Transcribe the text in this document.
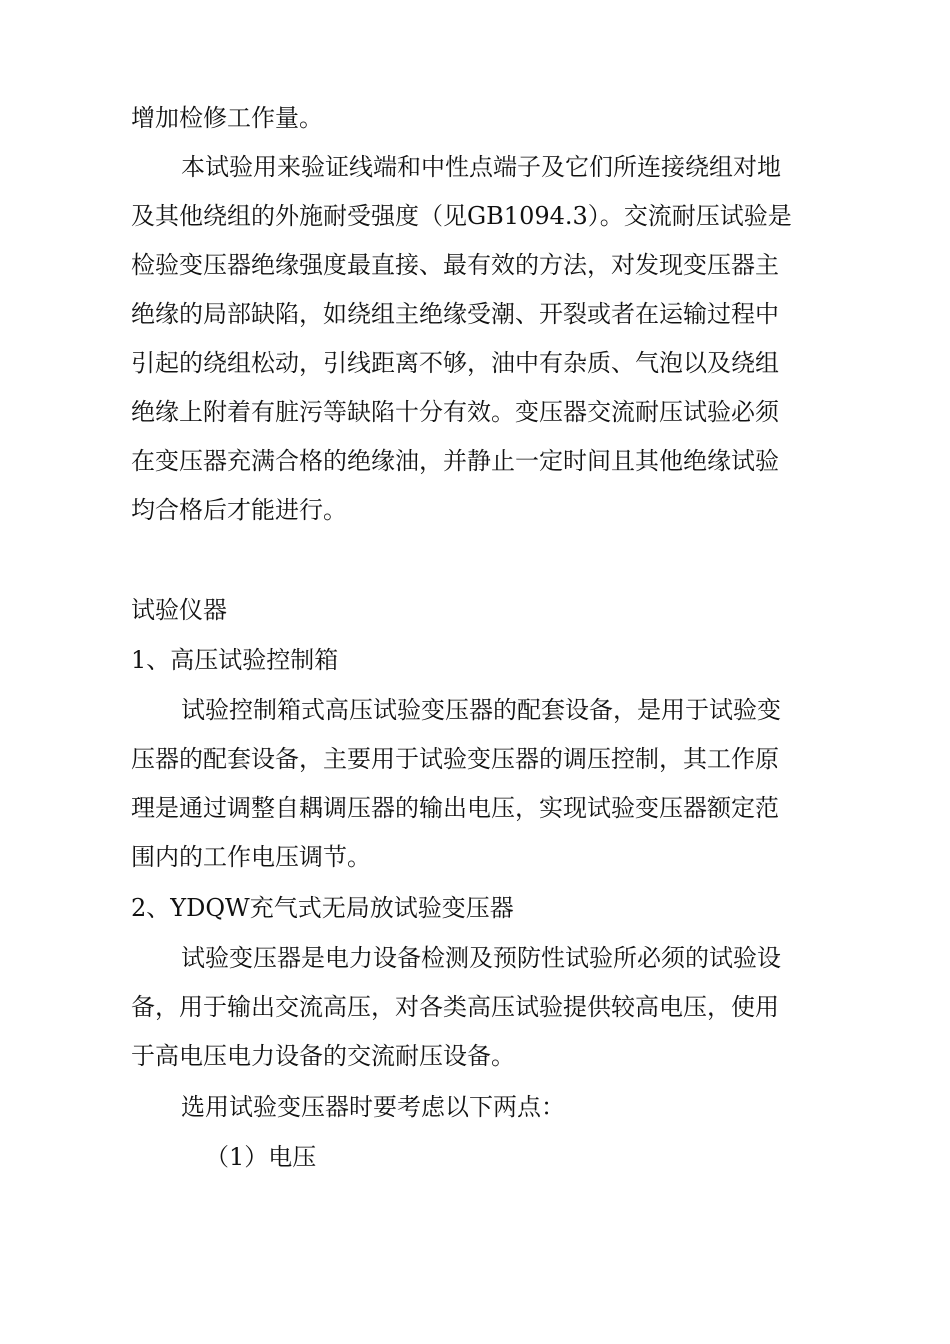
增加检修工作量。
本试验用来验证线端和中性点端子及它们所连接绕组对地
及其他绕组的外施耐受强度（见GB1094.3）。交流耐压试验是
检验变压器绝缘强度最直接、最有效的方法，对发现变压器主
绝缘的局部缺陷，如绕组主绝缘受潮、开裂或者在运输过程中
引起的绕组松动，引线距离不够，油中有杂质、气泡以及绕组
绝缘上附着有脏污等缺陷十分有效。变压器交流耐压试验必须
在变压器充满合格的绝缘油，并静止一定时间且其他绝缘试验
均合格后才能进行。
试验仪器
1、高压试验控制箱
试验控制箱式高压试验变压器的配套设备，是用于试验变
压器的配套设备，主要用于试验变压器的调压控制，其工作原
理是通过调整自耦调压器的输出电压，实现试验变压器额定范
围内的工作电压调节。
2、YDQW充气式无局放试验变压器
试验变压器是电力设备检测及预防性试验所必须的试验设
备，用于输出交流高压，对各类高压试验提供较高电压，使用
于高电压电力设备的交流耐压设备。
选用试验变压器时要考虑以下两点：
（1）电压
